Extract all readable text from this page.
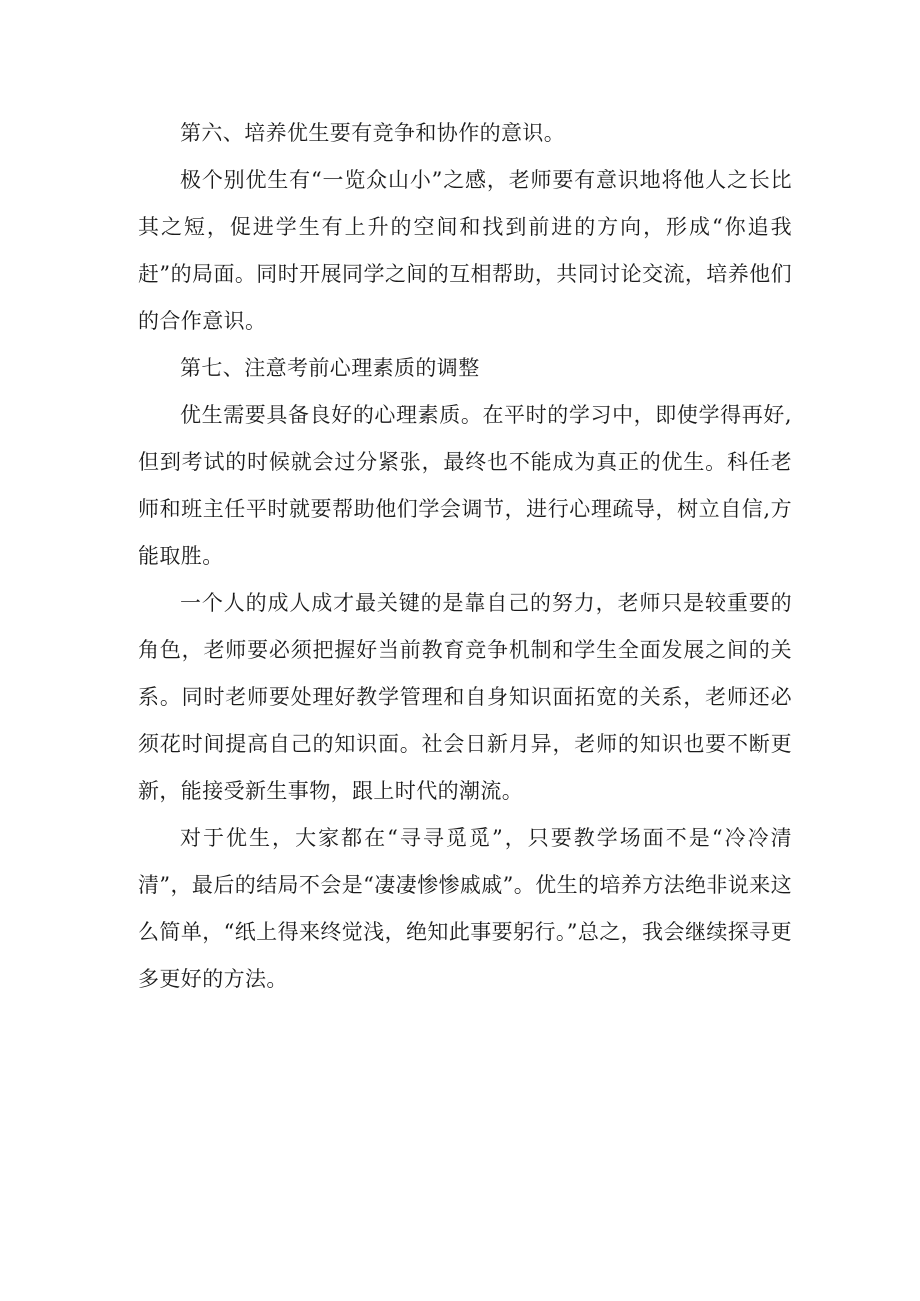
第六、培养优生要有竞争和协作的意识。

极个别优生有“一览众山小”之感，老师要有意识地将他人之长比其之短，促进学生有上升的空间和找到前进的方向，形成“你追我赶”的局面。同时开展同学之间的互相帮助，共同讨论交流，培养他们的合作意识。

第七、注意考前心理素质的调整

优生需要具备良好的心理素质。在平时的学习中，即使学得再好,但到考试的时候就会过分紧张，最终也不能成为真正的优生。科任老师和班主任平时就要帮助他们学会调节，进行心理疏导，树立自信,方能取胜。

一个人的成人成才最关键的是靠自己的努力，老师只是较重要的角色，老师要必须把握好当前教育竞争机制和学生全面发展之间的关系。同时老师要处理好教学管理和自身知识面拓宽的关系，老师还必须花时间提高自己的知识面。社会日新月异，老师的知识也要不断更新，能接受新生事物，跟上时代的潮流。

对于优生，大家都在“寻寻觅觅”，只要教学场面不是“冷冷清清”，最后的结局不会是“凄凄惨惨戚戚”。优生的培养方法绝非说来这么简单，“纸上得来终觉浅，绝知此事要躬行。”总之，我会继续探寻更多更好的方法。
